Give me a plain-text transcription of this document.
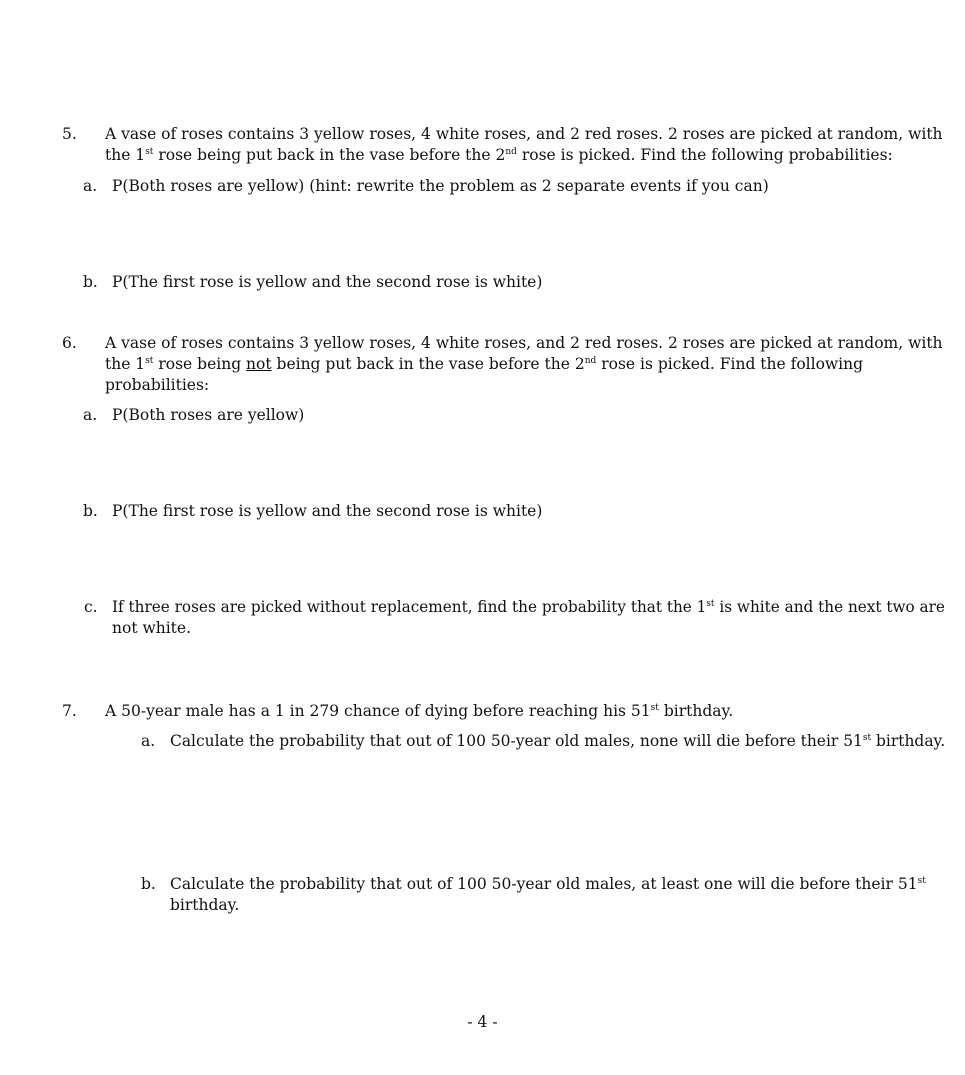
5. A vase of roses contains 3 yellow roses, 4 white roses, and 2 red roses. 2 roses are picked at random, with
the 1st rose being put back in the vase before the 2nd rose is picked. Find the following probabilities:
a. P(Both roses are yellow) (hint: rewrite the problem as 2 separate events if you can)
b. P(The first rose is yellow and the second rose is white)
6. A vase of roses contains 3 yellow roses, 4 white roses, and 2 red roses. 2 roses are picked at random, with
the 1st rose being not being put back in the vase before the 2nd rose is picked. Find the following
probabilities:
a. P(Both roses are yellow)
b. P(The first rose is yellow and the second rose is white)
c. If three roses are picked without replacement, find the probability that the 1st is white and the next two are
not white.
7. A 50-year male has a 1 in 279 chance of dying before reaching his 51st birthday.
a. Calculate the probability that out of 100 50-year old males, none will die before their 51st birthday.
b. Calculate the probability that out of 100 50-year old males, at least one will die before their 51st
birthday.
- 4 -
